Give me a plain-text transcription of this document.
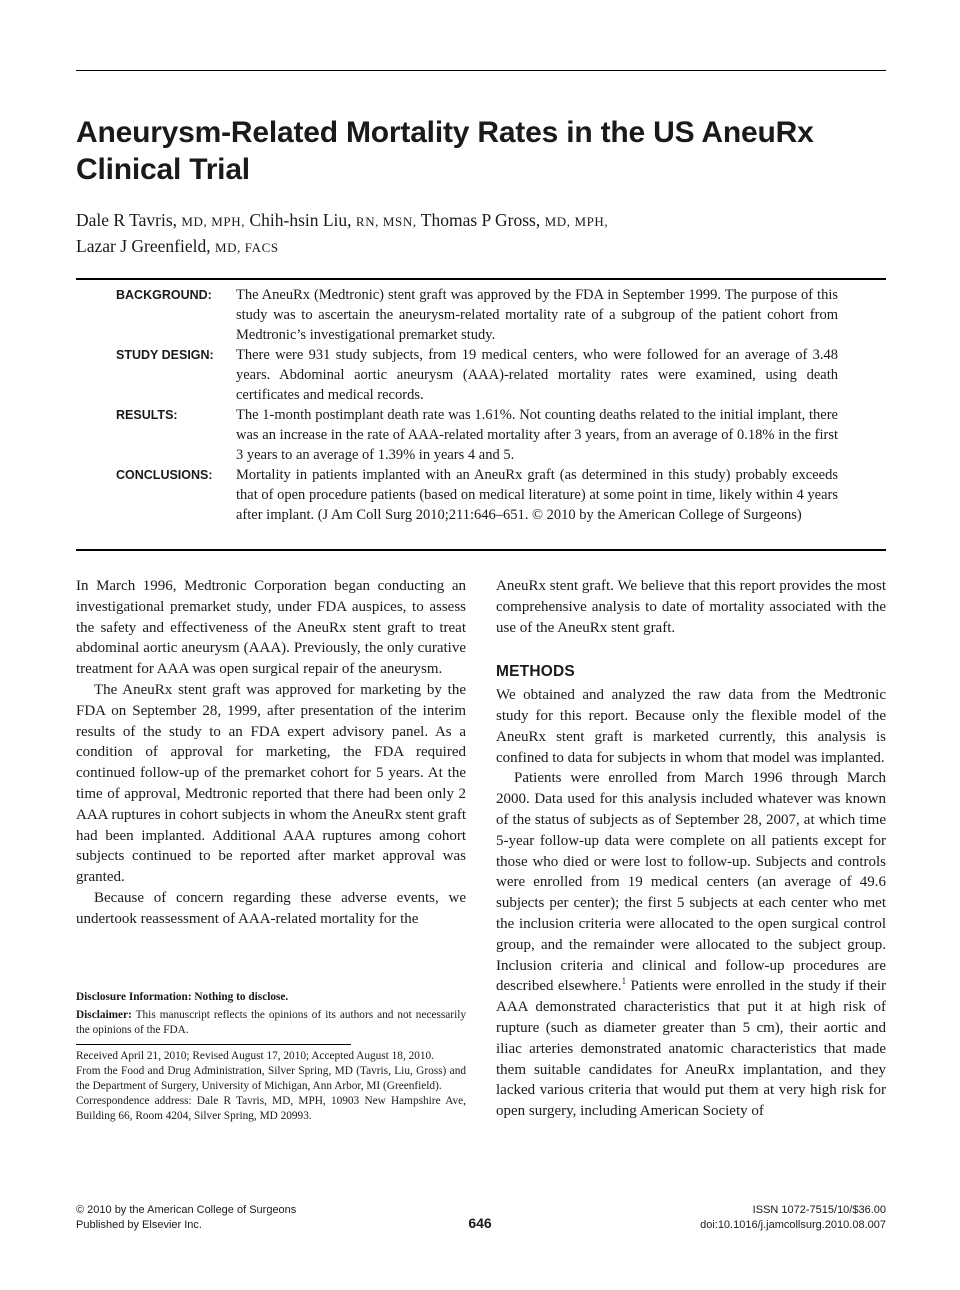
Aneurysm-Related Mortality Rates in the US AneuRx Clinical Trial
Dale R Tavris, MD, MPH, Chih-hsin Liu, RN, MSN, Thomas P Gross, MD, MPH,
Lazar J Greenfield, MD, FACS
BACKGROUND:	The AneuRx (Medtronic) stent graft was approved by the FDA in September 1999. The purpose of this study was to ascertain the aneurysm-related mortality rate of a subgroup of the patient cohort from Medtronic’s investigational premarket study.
STUDY DESIGN:	There were 931 study subjects, from 19 medical centers, who were followed for an average of 3.48 years. Abdominal aortic aneurysm (AAA)-related mortality rates were examined, using death certificates and medical records.
RESULTS:	The 1-month postimplant death rate was 1.61%. Not counting deaths related to the initial implant, there was an increase in the rate of AAA-related mortality after 3 years, from an average of 0.18% in the first 3 years to an average of 1.39% in years 4 and 5.
CONCLUSIONS:	Mortality in patients implanted with an AneuRx graft (as determined in this study) probably exceeds that of open procedure patients (based on medical literature) at some point in time, likely within 4 years after implant. (J Am Coll Surg 2010;211:646–651. © 2010 by the American College of Surgeons)

In March 1996, Medtronic Corporation began conducting an investigational premarket study, under FDA auspices, to assess the safety and effectiveness of the AneuRx stent graft to treat abdominal aortic aneurysm (AAA). Previously, the only curative treatment for AAA was open surgical repair of the aneurysm.

The AneuRx stent graft was approved for marketing by the FDA on September 28, 1999, after presentation of the interim results of the study to an FDA expert advisory panel. As a condition of approval for marketing, the FDA required continued follow-up of the premarket cohort for 5 years. At the time of approval, Medtronic reported that there had been only 2 AAA ruptures in cohort subjects in whom the AneuRx stent graft had been implanted. Additional AAA ruptures among cohort subjects continued to be reported after market approval was granted.

Because of concern regarding these adverse events, we undertook reassessment of AAA-related mortality for the

AneuRx stent graft. We believe that this report provides the most comprehensive analysis to date of mortality associated with the use of the AneuRx stent graft.

METHODS

We obtained and analyzed the raw data from the Medtronic study for this report. Because only the flexible model of the AneuRx stent graft is marketed currently, this analysis is confined to data for subjects in whom that model was implanted.

Patients were enrolled from March 1996 through March 2000. Data used for this analysis included whatever was known of the status of subjects as of September 28, 2007, at which time 5-year follow-up data were complete on all patients except for those who died or were lost to follow-up. Subjects and controls were enrolled from 19 medical centers (an average of 49.6 subjects per center); the first 5 subjects at each center who met the inclusion criteria were allocated to the open surgical control group, and the remainder were allocated to the subject group. Inclusion criteria and clinical and follow-up procedures are described elsewhere.$^1$ Patients were enrolled in the study if their AAA demonstrated characteristics that put it at high risk of rupture (such as diameter greater than 5 cm), their aortic and iliac arteries demonstrated anatomic characteristics that made them suitable candidates for AneuRx implantation, and they lacked various criteria that would put them at very high risk for open surgery, including American Society of

Disclosure Information: Nothing to disclose.

Disclaimer: This manuscript reflects the opinions of its authors and not necessarily the opinions of the FDA.

Received April 21, 2010; Revised August 17, 2010; Accepted August 18, 2010.

From the Food and Drug Administration, Silver Spring, MD (Tavris, Liu, Gross) and the Department of Surgery, University of Michigan, Ann Arbor, MI (Greenfield).

Correspondence address: Dale R Tavris, MD, MPH, 10903 New Hampshire Ave, Building 66, Room 4204, Silver Spring, MD 20993.

© 2010 by the American College of Surgeons
Published by Elsevier Inc.	646
ISSN 1072-7515/10/$36.00
doi:10.1016/j.jamcollsurg.2010.08.007
